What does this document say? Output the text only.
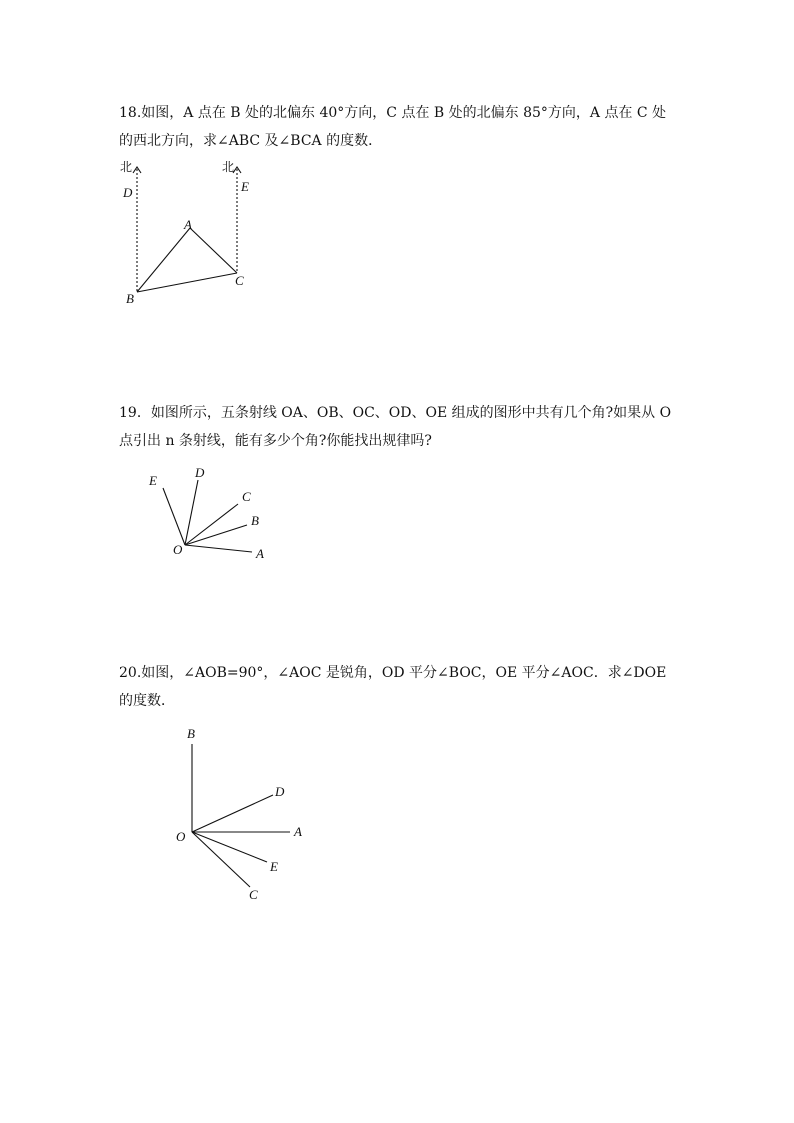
18.如图，A 点在 B 处的北偏东 40°方向，C 点在 B 处的北偏东 85°方向，A 点在 C 处的西北方向，求∠ABC 及∠BCA 的度数．

北	北
D	E
A
B
C

19．如图所示，五条射线 OA、OB、OC、OD、OE 组成的图形中共有几个角?如果从 O 点引出 n 条射线，能有多少个角?你能找出规律吗?

E
D
C
B
O	A

20.如图，∠AOB=90°，∠AOC 是锐角，OD 平分∠BOC，OE 平分∠AOC．求∠DOE 的度数．

B
D
O	A
E
C
